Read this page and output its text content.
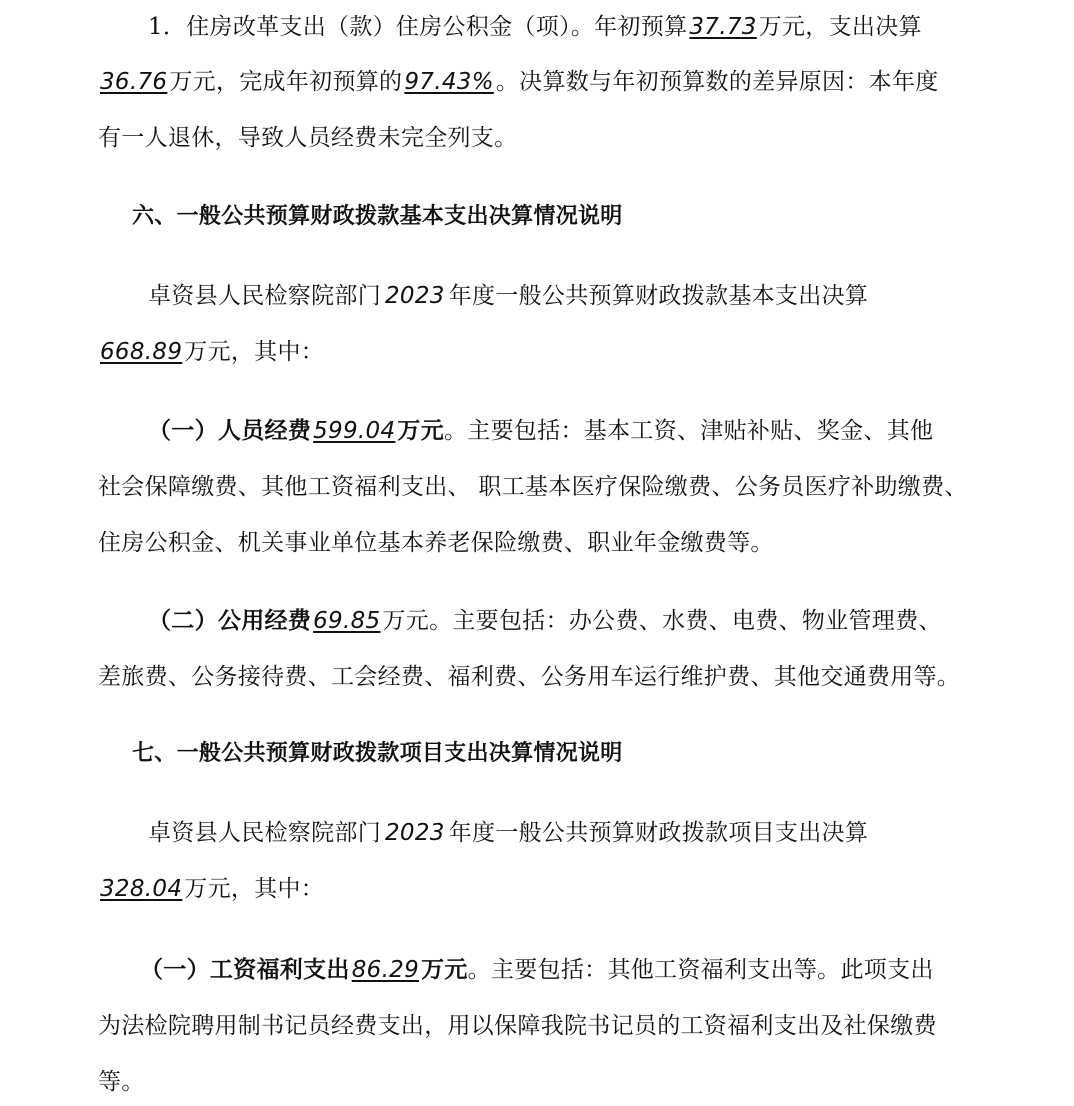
1．住房改革支出（款）住房公积金（项）。年初预算37.73万元，支出决算
36.76万元，完成年初预算的97.43%。决算数与年初预算数的差异原因：本年度
有一人退休，导致人员经费未完全列支。
六、一般公共预算财政拨款基本支出决算情况说明
卓资县人民检察院部门 2023 年度一般公共预算财政拨款基本支出决算
668.89万元，其中：
（一）人员经费599.04万元。主要包括：基本工资、津贴补贴、奖金、其他
社会保障缴费、其他工资福利支出、 职工基本医疗保险缴费、公务员医疗补助缴费、
住房公积金、机关事业单位基本养老保险缴费、职业年金缴费等。
（二）公用经费69.85万元。主要包括：办公费、水费、电费、物业管理费、
差旅费、公务接待费、工会经费、福利费、公务用车运行维护费、其他交通费用等。
七、一般公共预算财政拨款项目支出决算情况说明
卓资县人民检察院部门 2023 年度一般公共预算财政拨款项目支出决算
328.04万元，其中：
（一）工资福利支出86.29万元。主要包括：其他工资福利支出等。此项支出
为法检院聘用制书记员经费支出，用以保障我院书记员的工资福利支出及社保缴费
等。
